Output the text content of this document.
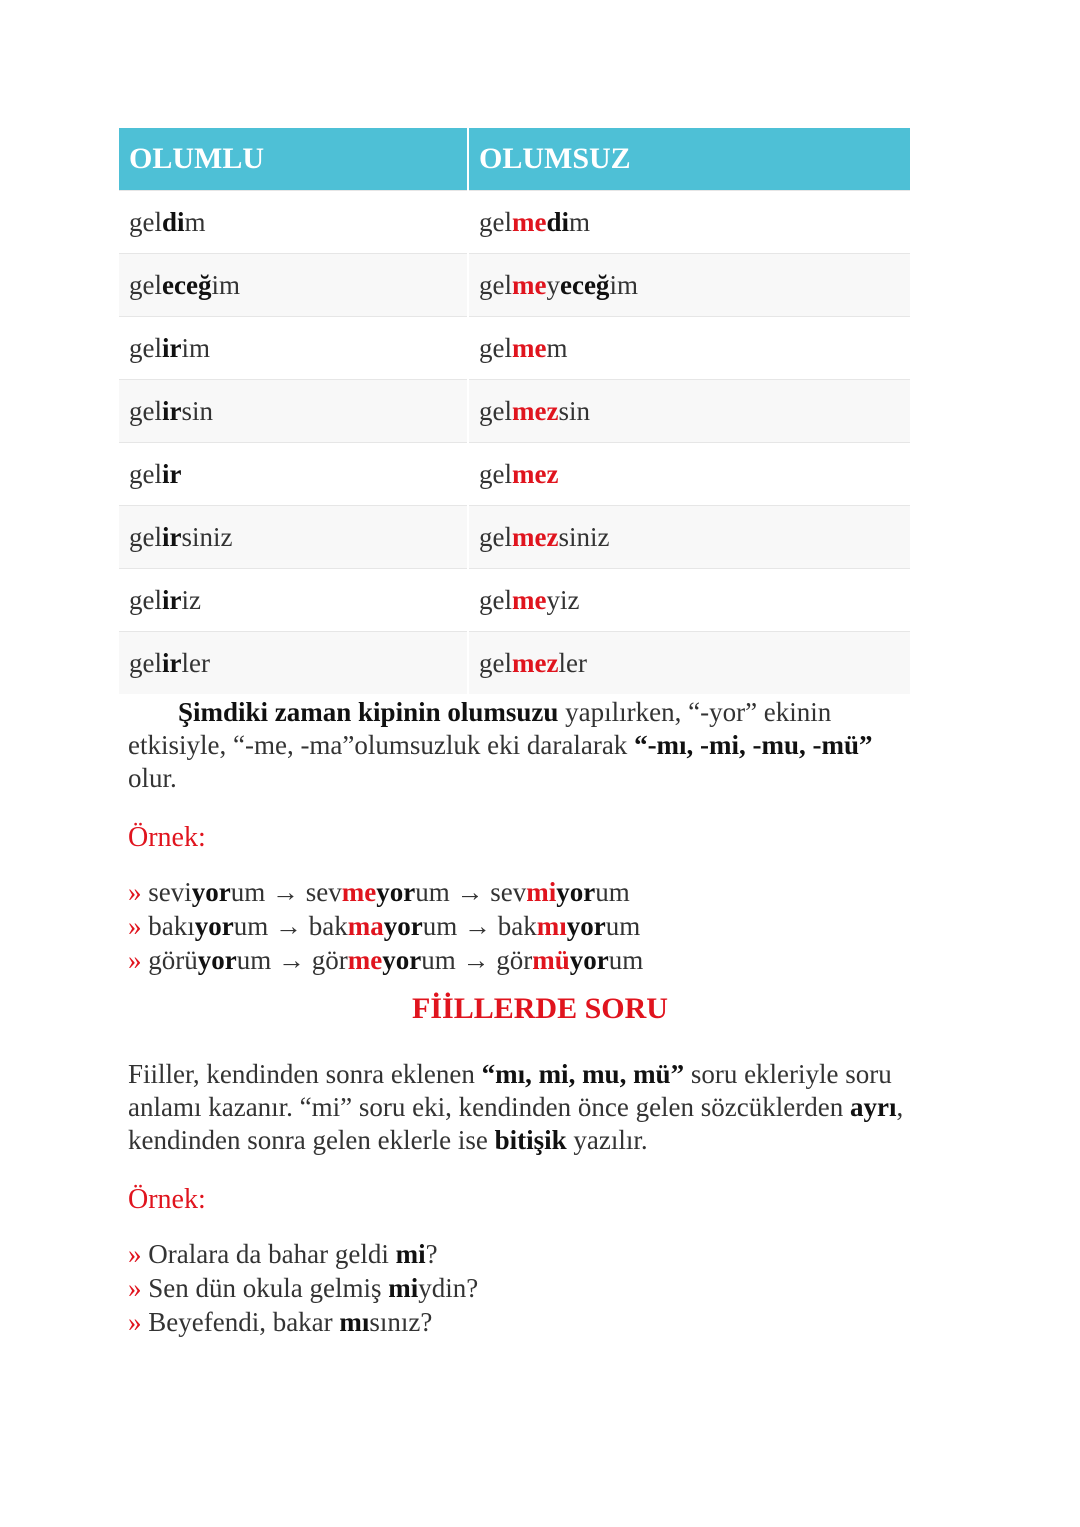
OLUMLU	OLUMSUZ
geldim	gelmedim
geleceğim	gelmeyeceğim
gelirim	gelmem
gelirsin	gelmezsin
gelir	gelmez
gelirsiniz	gelmezsiniz
geliriz	gelmeyiz
gelirler	gelmezler

Şimdiki zaman kipinin olumsuzu yapılırken, “-yor” ekinin etkisiyle, “-me, -ma”olumsuzluk eki daralarak “-mı, -mi, -mu, -mü” olur.

Örnek:

» seviyorum → sevmeyorum → sevmiyorum
» bakıyorum → bakmayorum → bakmıyorum
» görüyorum → görmeyorum → görmüyorum
FİİLLERDE SORU

Fiiller, kendinden sonra eklenen “mı, mi, mu, mü” soru ekleriyle soru anlamı kazanır. “mi” soru eki, kendinden önce gelen sözcüklerden ayrı, kendinden sonra gelen eklerle ise bitişik yazılır.

Örnek:

» Oralara da bahar geldi mi?
» Sen dün okula gelmiş miydin?
» Beyefendi, bakar mısınız?
